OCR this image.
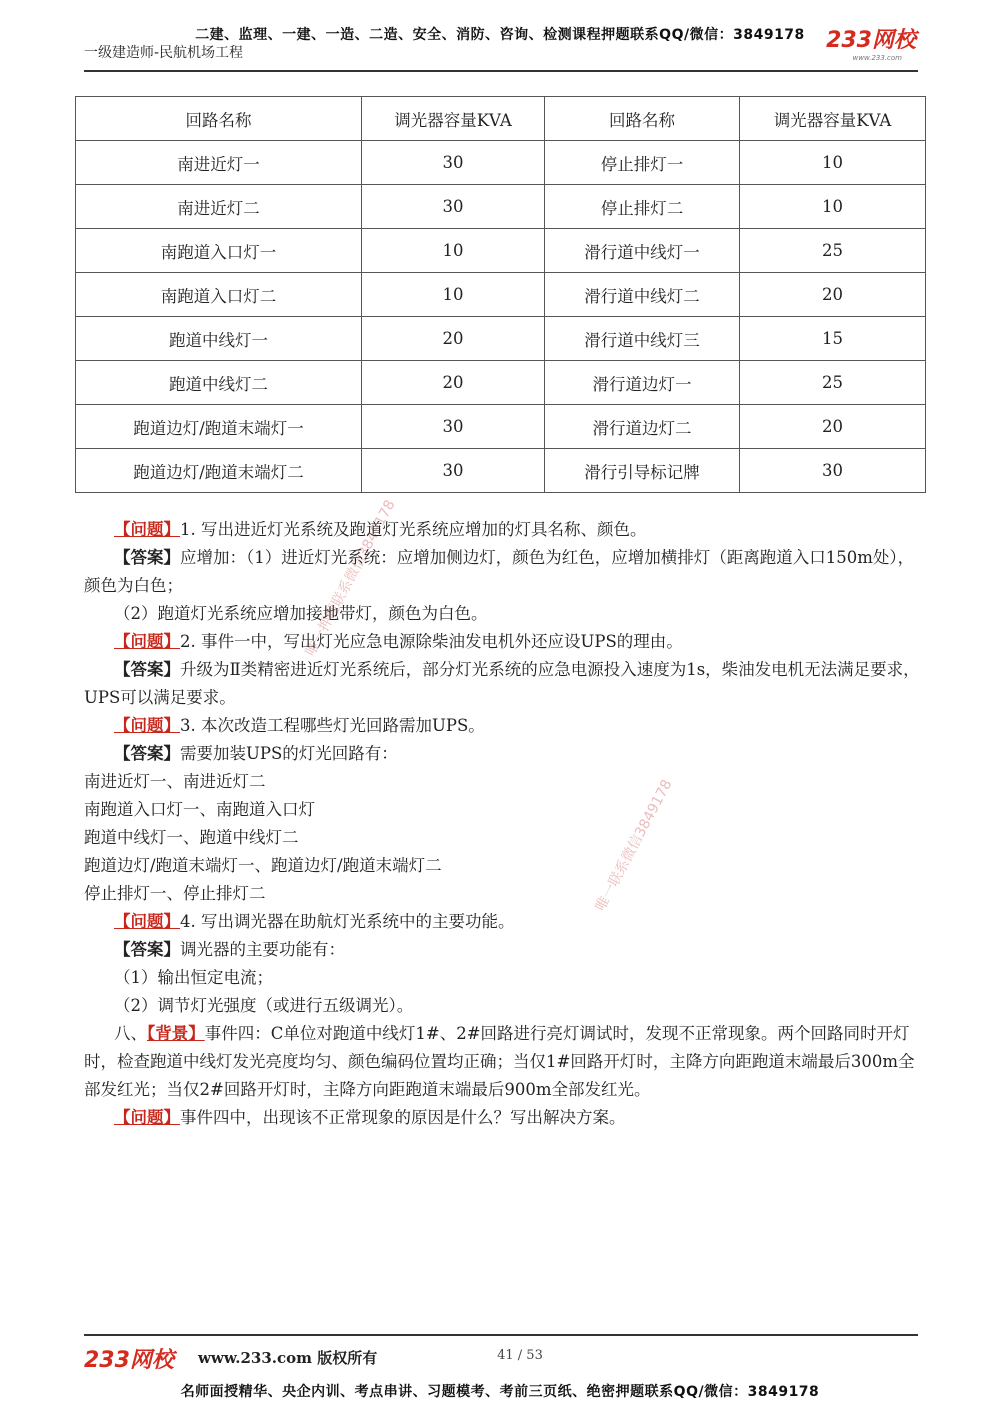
二建、监理、一建、一造、二造、安全、消防、咨询、检测课程押题联系QQ/微信：3849178
一级建造师-民航机场工程	233网校
www.233.com
回路名称	调光器容量KVA	回路名称	调光器容量KVA
南进近灯一	30	停止排灯一	10
南进近灯二	30	停止排灯二	10
南跑道入口灯一	10	滑行道中线灯一	25
南跑道入口灯二	10	滑行道中线灯二	20
跑道中线灯一	20	滑行道中线灯三	15
跑道中线灯二	20	滑行道边灯一	25
跑道边灯/跑道末端灯一	30	滑行道边灯二	20
跑道边灯/跑道末端灯二	30	滑行引导标记牌	30
唯一押题联系微信3849178
唯一联系微信3849178

【问题】1. 写出进近灯光系统及跑道灯光系统应增加的灯具名称、颜色。

【答案】应增加：（1）进近灯光系统：应增加侧边灯，颜色为红色，应增加横排灯（距离跑道入口150m处），颜色为白色；

（2）跑道灯光系统应增加接地带灯，颜色为白色。

【问题】2. 事件一中，写出灯光应急电源除柴油发电机外还应设UPS的理由。

【答案】升级为Ⅱ类精密进近灯光系统后，部分灯光系统的应急电源投入速度为1s，柴油发电机无法满足要求，UPS可以满足要求。

【问题】3. 本次改造工程哪些灯光回路需加UPS。

【答案】需要加装UPS的灯光回路有：

南进近灯一、南进近灯二

南跑道入口灯一、南跑道入口灯

跑道中线灯一、跑道中线灯二

跑道边灯/跑道末端灯一、跑道边灯/跑道末端灯二

停止排灯一、停止排灯二

【问题】4. 写出调光器在助航灯光系统中的主要功能。

【答案】调光器的主要功能有：

（1）输出恒定电流；

（2）调节灯光强度（或进行五级调光）。

八、【背景】事件四：C单位对跑道中线灯1#、2#回路进行亮灯调试时，发现不正常现象。两个回路同时开灯时，检查跑道中线灯发光亮度均匀、颜色编码位置均正确；当仅1#回路开灯时，主降方向距跑道末端最后300m全部发红光；当仅2#回路开灯时，主降方向距跑道末端最后900m全部发红光。

【问题】事件四中，出现该不正常现象的原因是什么？写出解决方案。

233网校 www.233.com 版权所有	41 / 53
名师面授精华、央企内训、考点串讲、习题模考、考前三页纸、绝密押题联系QQ/微信：3849178
